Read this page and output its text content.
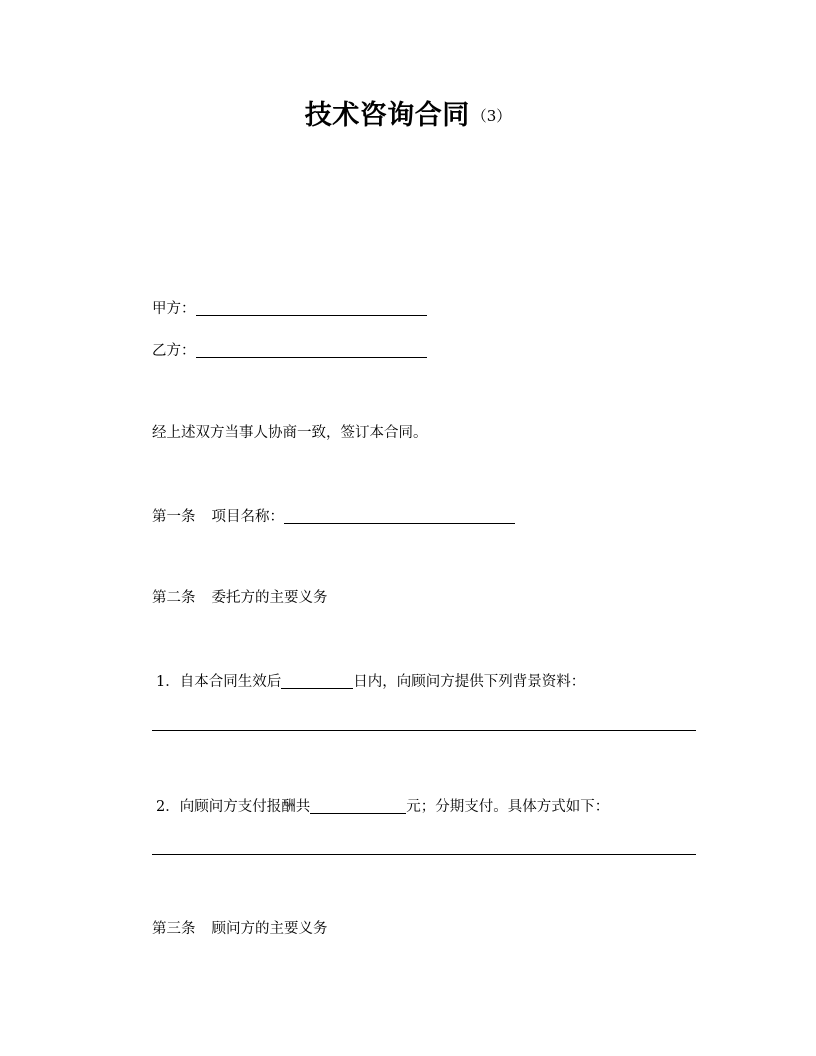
技术咨询合同 （3）
甲方：
乙方：
经上述双方当事人协商一致，签订本合同。
第一条 项目名称：
第二条 委托方的主要义务
1．自本合同生效后	日内，向顾问方提供下列背景资料：
2．向顾问方支付报酬共	元；分期支付。具体方式如下：
第三条 顾问方的主要义务
